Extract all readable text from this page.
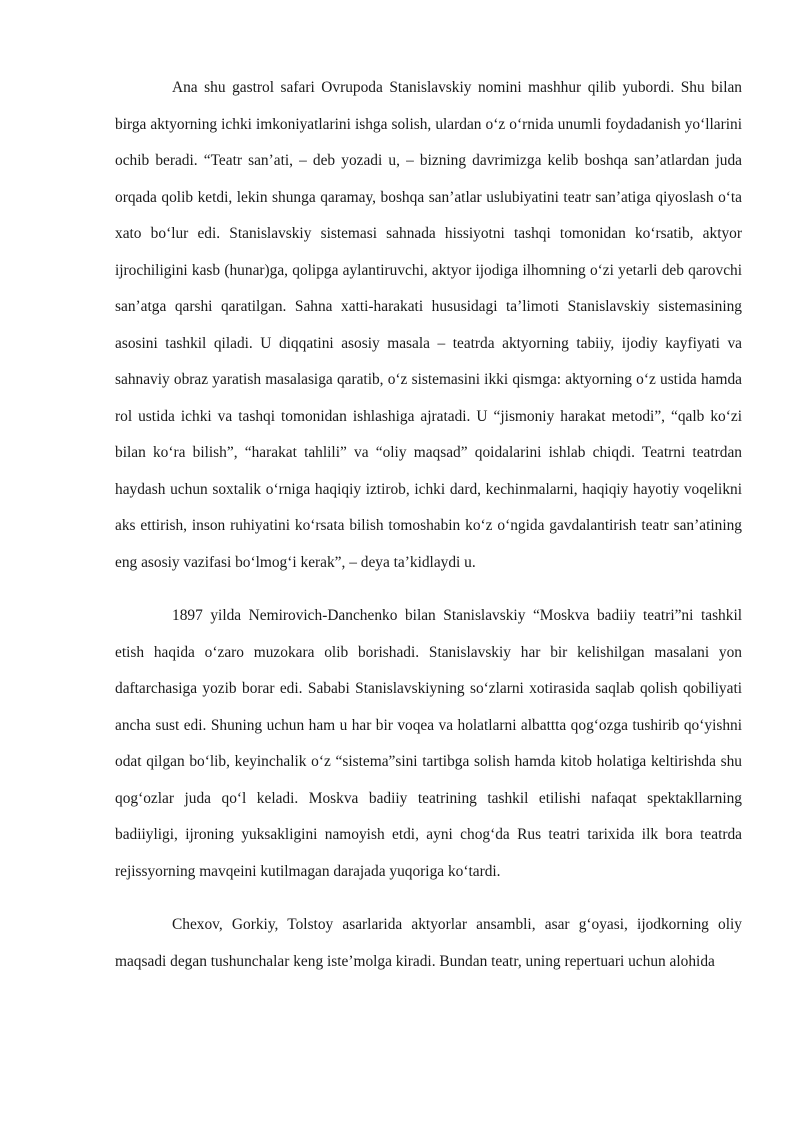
Ana shu gastrol safari Ovrupoda Stanislavskiy nomini mashhur qilib yubordi. Shu bilan birga aktyorning ichki imkoniyatlarini ishga solish, ulardan o‘z o‘rnida unumli foydadanish yo‘llarini ochib beradi. “Teatr san’ati, – deb yozadi u, – bizning davrimizga kelib boshqa san’atlardan juda orqada qolib ketdi, lekin shunga qaramay, boshqa san’atlar uslubiyatini teatr san’atiga qiyoslash o‘ta xato bo‘lur edi. Stanislavskiy sistemasi sahnada hissiyotni tashqi tomonidan ko‘rsatib, aktyor ijrochiligini kasb (hunar)ga, qolipga aylantiruvchi, aktyor ijodiga ilhomning o‘zi yetarli deb qarovchi san’atga qarshi qaratilgan. Sahna xatti-harakati hususidagi ta’limoti Stanislavskiy sistemasining asosini tashkil qiladi. U diqqatini asosiy masala – teatrda aktyorning tabiiy, ijodiy kayfiyati va sahnaviy obraz yaratish masalasiga qaratib, o‘z sistemasini ikki qismga: aktyorning o‘z ustida hamda rol ustida ichki va tashqi tomonidan ishlashiga ajratadi. U “jismoniy harakat metodi”, “qalb ko‘zi bilan ko‘ra bilish”, “harakat tahlili” va “oliy maqsad” qoidalarini ishlab chiqdi. Teatrni teatrdan haydash uchun soxtalik o‘rniga haqiqiy iztirob, ichki dard, kechinmalarni, haqiqiy hayotiy voqelikni aks ettirish, inson ruhiyatini ko‘rsata bilish tomoshabin ko‘z o‘ngida gavdalantirish teatr san’atining eng asosiy vazifasi bo‘lmog‘i kerak”, – deya ta’kidlaydi u.

1897 yilda Nemirovich-Danchenko bilan Stanislavskiy “Moskva badiiy teatri”ni tashkil etish haqida o‘zaro muzokara olib borishadi. Stanislavskiy har bir kelishilgan masalani yon daftarchasiga yozib borar edi. Sababi Stanislavskiyning so‘zlarni xotirasida saqlab qolish qobiliyati ancha sust edi. Shuning uchun ham u har bir voqea va holatlarni albattta qog‘ozga tushirib qo‘yishni odat qilgan bo‘lib, keyinchalik o‘z “sistema”sini tartibga solish hamda kitob holatiga keltirishda shu qog‘ozlar juda qo‘l keladi. Moskva badiiy teatrining tashkil etilishi nafaqat spektakllarning badiiyligi, ijroning yuksakligini namoyish etdi, ayni chog‘da Rus teatri tarixida ilk bora teatrda rejissyorning mavqeini kutilmagan darajada yuqoriga ko‘tardi.

Chexov, Gorkiy, Tolstoy asarlarida aktyorlar ansambli, asar g‘oyasi, ijodkorning oliy maqsadi degan tushunchalar keng iste’molga kiradi. Bundan teatr, uning repertuari uchun alohida
